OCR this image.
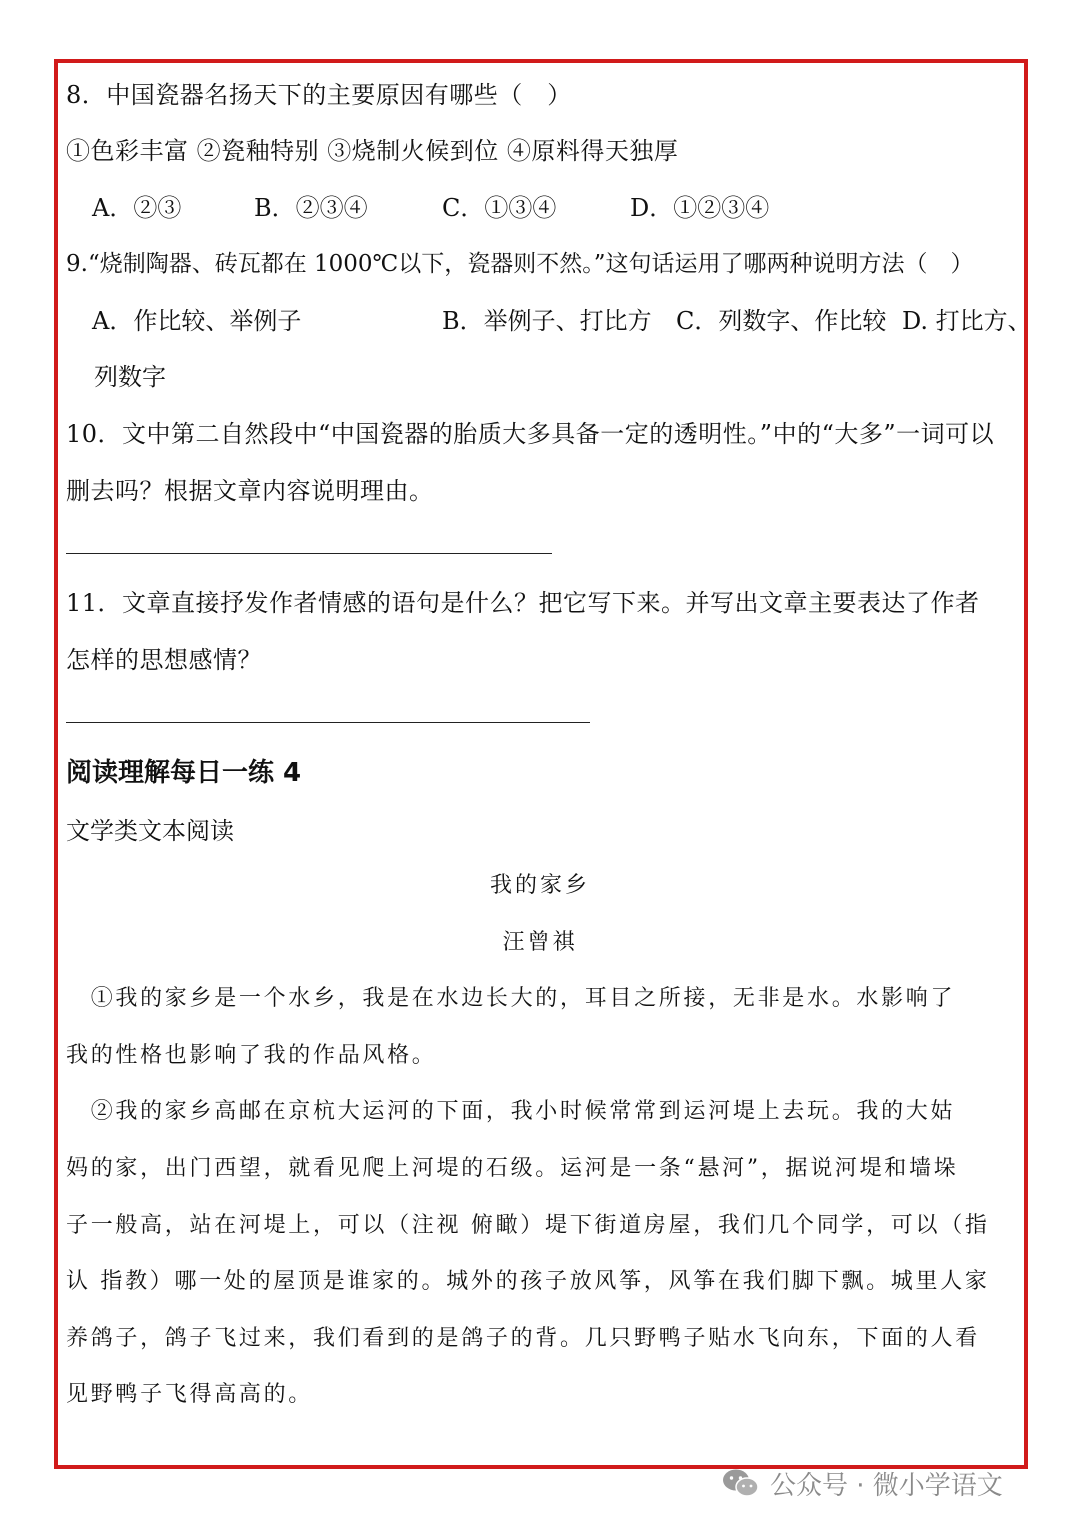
8．中国瓷器名扬天下的主要原因有哪些（　）
①色彩丰富 ②瓷釉特别 ③烧制火候到位 ④原料得天独厚
A．②③	B．②③④	C．①③④	D．①②③④
9.“烧制陶器、砖瓦都在 1000℃以下，瓷器则不然。”这句话运用了哪两种说明方法（　）
A．作比较、举例子	B．举例子、打比方 C．列数字、作比较 D. 打比方、
列数字
10．文中第二自然段中“中国瓷器的胎质大多具备一定的透明性。”中的“大多”一词可以
删去吗？根据文章内容说明理由。
11．文章直接抒发作者情感的语句是什么？把它写下来。并写出文章主要表达了作者
怎样的思想感情？
阅读理解每日一练 4
文学类文本阅读
我的家乡
汪曾祺
　①我的家乡是一个水乡，我是在水边长大的，耳目之所接，无非是水。水影响了
我的性格也影响了我的作品风格。
　②我的家乡高邮在京杭大运河的下面，我小时候常常到运河堤上去玩。我的大姑
妈的家，出门西望，就看见爬上河堤的石级。运河是一条“悬河”，据说河堤和墙垛
子一般高，站在河堤上，可以（注视 俯瞰）堤下街道房屋，我们几个同学，可以（指
认 指教）哪一处的屋顶是谁家的。城外的孩子放风筝，风筝在我们脚下飘。城里人家
养鸽子，鸽子飞过来，我们看到的是鸽子的背。几只野鸭子贴水飞向东，下面的人看
见野鸭子飞得高高的。
公众号 · 微小学语文
